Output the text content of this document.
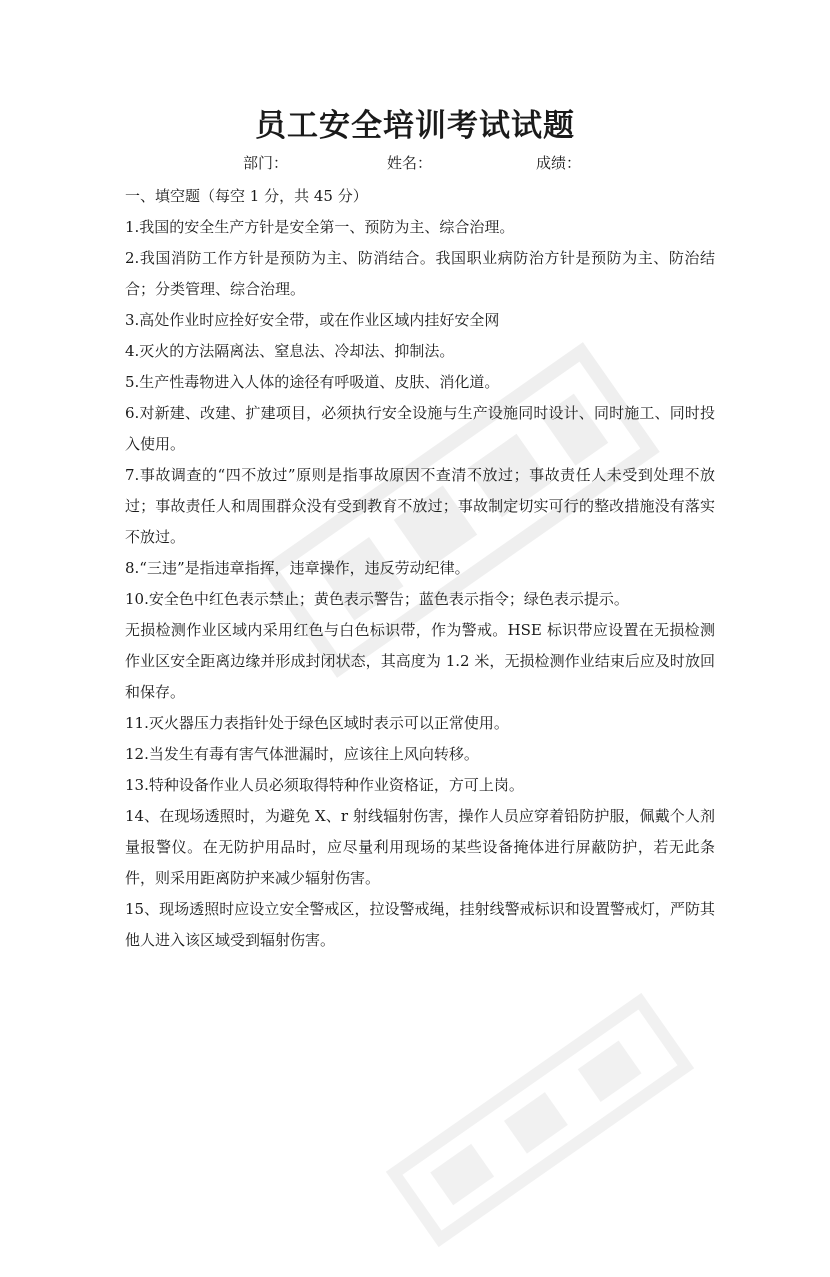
员工安全培训考试试题
部门：	姓名：	成绩：

一、填空题（每空 1 分，共 45 分）

1.我国的安全生产方针是安全第一、预防为主、综合治理。

2.我国消防工作方针是预防为主、防消结合。我国职业病防治方针是预防为主、防治结合；分类管理、综合治理。

3.高处作业时应拴好安全带，或在作业区域内挂好安全网

4.灭火的方法隔离法、窒息法、冷却法、抑制法。

5.生产性毒物进入人体的途径有呼吸道、皮肤、消化道。

6.对新建、改建、扩建项目，必须执行安全设施与生产设施同时设计、同时施工、同时投入使用。

7.事故调查的“四不放过”原则是指事故原因不查清不放过；事故责任人未受到处理不放过；事故责任人和周围群众没有受到教育不放过；事故制定切实可行的整改措施没有落实不放过。

8.“三违”是指违章指挥，违章操作，违反劳动纪律。

10.安全色中红色表示禁止；黄色表示警告；蓝色表示指令；绿色表示提示。

无损检测作业区域内采用红色与白色标识带，作为警戒。HSE 标识带应设置在无损检测作业区安全距离边缘并形成封闭状态，其高度为 1.2 米，无损检测作业结束后应及时放回和保存。

11.灭火器压力表指针处于绿色区域时表示可以正常使用。

12.当发生有毒有害气体泄漏时，应该往上风向转移。

13.特种设备作业人员必须取得特种作业资格证，方可上岗。

14、在现场透照时，为避免 X、r 射线辐射伤害，操作人员应穿着铅防护服，佩戴个人剂量报警仪。在无防护用品时，应尽量利用现场的某些设备掩体进行屏蔽防护，若无此条件，则采用距离防护来减少辐射伤害。

15、现场透照时应设立安全警戒区，拉设警戒绳，挂射线警戒标识和设置警戒灯，严防其他人进入该区域受到辐射伤害。
